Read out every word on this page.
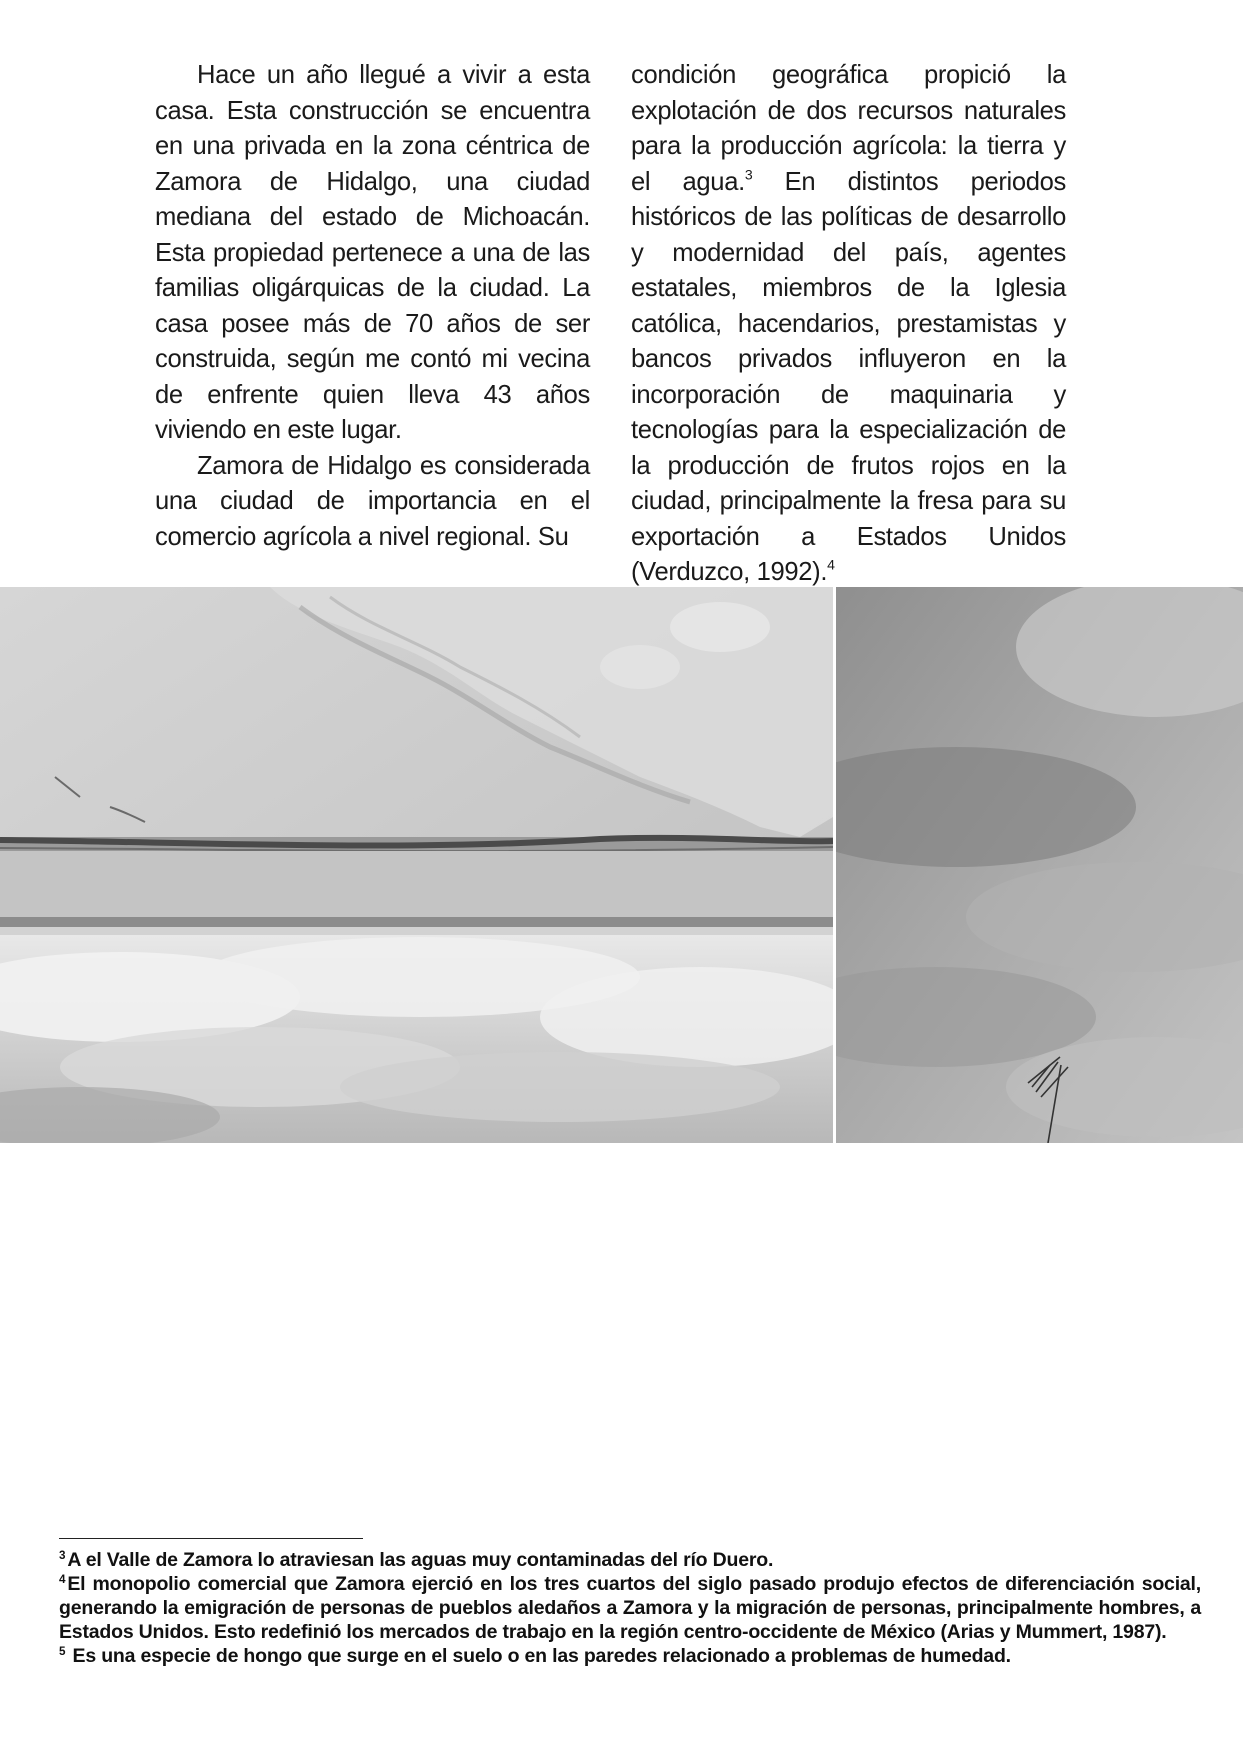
Hace un año llegué a vivir a esta casa. Esta construcción se encuentra en una privada en la zona céntrica de Zamora de Hidalgo, una ciudad mediana del estado de Michoacán. Esta propiedad pertenece a una de las familias oligárquicas de la ciudad. La casa posee más de 70 años de ser construida, según me contó mi vecina de enfrente quien lleva 43 años viviendo en este lugar.

Zamora de Hidalgo es considerada una ciudad de importancia en el comercio agrícola a nivel regional. Su

condición geográfica propició la explotación de dos recursos naturales para la producción agrícola: la tierra y el agua.$^3$ En distintos periodos históricos de las políticas de desarrollo y modernidad del país, agentes estatales, miembros de la Iglesia católica, hacendarios, prestamistas y bancos privados influyeron en la incorporación de maquinaria y tecnologías para la especialización de la producción de frutos rojos en la ciudad, principalmente la fresa para su exportación a Estados Unidos (Verduzco, 1992).$^4$

$^3$ A el Valle de Zamora lo atraviesan las aguas muy contaminadas del río Duero.

$^4$ El monopolio comercial que Zamora ejerció en los tres cuartos del siglo pasado produjo efectos de diferenciación social, generando la emigración de personas de pueblos aledaños a Zamora y la migración de personas, principalmente hombres, a Estados Unidos. Esto redefinió los mercados de trabajo en la región centro-occidente de México (Arias y Mummert, 1987).

$^5$ Es una especie de hongo que surge en el suelo o en las paredes relacionado a problemas de humedad.
